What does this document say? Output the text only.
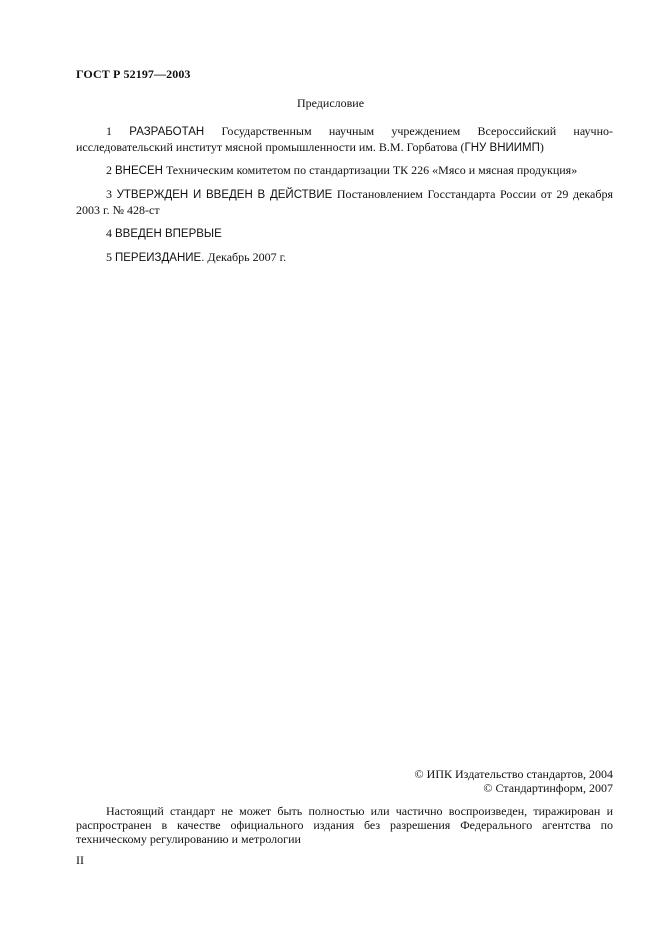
ГОСТ Р 52197—2003
Предисловие
1 РАЗРАБОТАН Государственным научным учреждением Всероссийский научно-исследовательский институт мясной промышленности им. В.М. Горбатова (ГНУ ВНИИМП)
2 ВНЕСЕН Техническим комитетом по стандартизации ТК 226 «Мясо и мясная продукция»
3 УТВЕРЖДЕН И ВВЕДЕН В ДЕЙСТВИЕ Постановлением Госстандарта России от 29 декабря 2003 г. № 428-ст
4 ВВЕДЕН ВПЕРВЫЕ
5 ПЕРЕИЗДАНИЕ. Декабрь 2007 г.
© ИПК Издательство стандартов, 2004
© Стандартинформ, 2007
Настоящий стандарт не может быть полностью или частично воспроизведен, тиражирован и распространен в качестве официального издания без разрешения Федерального агентства по техническому регулированию и метрологии
II
